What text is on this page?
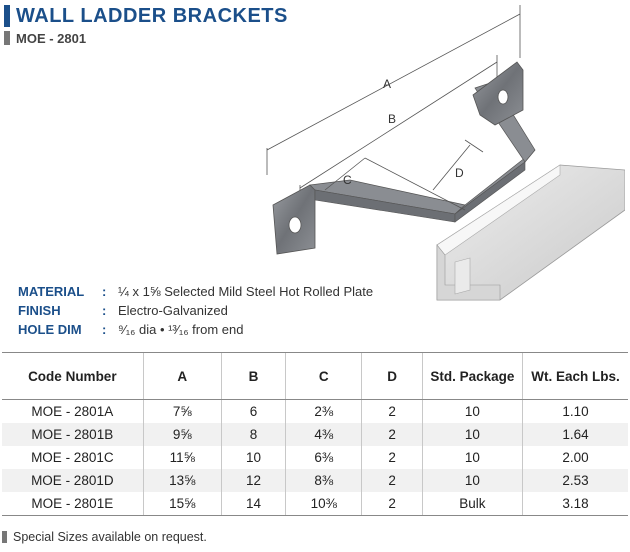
WALL LADDER BRACKETS
MOE - 2801
A
B
C	D
MATERIAL	: ¼ x 1⅝ Selected Mild Steel Hot Rolled Plate
FINISH	: Electro-Galvanized
HOLE DIM	: ⁹⁄₁₆ dia • ¹³⁄₁₆ from end
Code Number	A	B	C	D	Std. Package	Wt. Each Lbs.
MOE - 2801A	7⅝	6	2⅜	2	10	1.10
MOE - 2801B	9⅝	8	4⅜	2	10	1.64
MOE - 2801C	11⅝	10	6⅜	2	10	2.00
MOE - 2801D	13⅝	12	8⅜	2	10	2.53
MOE - 2801E	15⅝	14	10⅜	2	Bulk	3.18
Special Sizes available on request.
